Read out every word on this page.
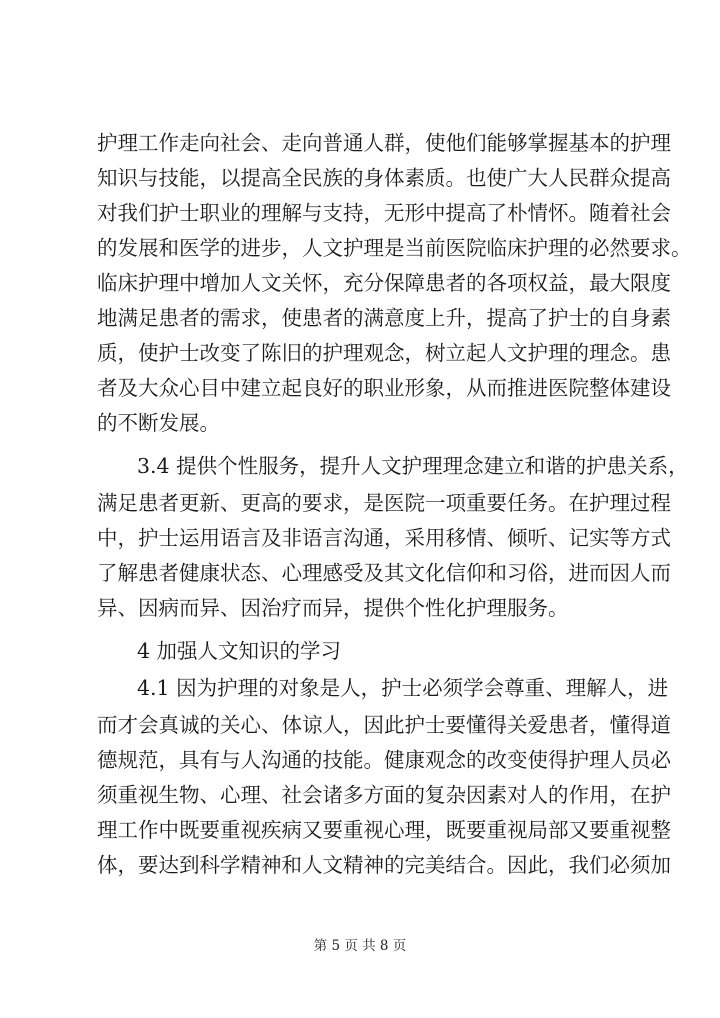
护理工作走向社会、走向普通人群，使他们能够掌握基本的护理
知识与技能，以提高全民族的身体素质。也使广大人民群众提高
对我们护士职业的理解与支持，无形中提高了朴情怀。随着社会
的发展和医学的进步，人文护理是当前医院临床护理的必然要求。
临床护理中增加人文关怀，充分保障患者的各项权益，最大限度
地满足患者的需求，使患者的满意度上升，提高了护士的自身素
质，使护士改变了陈旧的护理观念，树立起人文护理的理念。患
者及大众心目中建立起良好的职业形象，从而推进医院整体建设
的不断发展。
3.4 提供个性服务，提升人文护理理念建立和谐的护患关系，
满足患者更新、更高的要求，是医院一项重要任务。在护理过程
中，护士运用语言及非语言沟通，采用移情、倾听、记实等方式
了解患者健康状态、心理感受及其文化信仰和习俗，进而因人而
异、因病而异、因治疗而异，提供个性化护理服务。
4 加强人文知识的学习
4.1 因为护理的对象是人，护士必须学会尊重、理解人，进
而才会真诚的关心、体谅人，因此护士要懂得关爱患者，懂得道
德规范，具有与人沟通的技能。健康观念的改变使得护理人员必
须重视生物、心理、社会诸多方面的复杂因素对人的作用，在护
理工作中既要重视疾病又要重视心理，既要重视局部又要重视整
体，要达到科学精神和人文精神的完美结合。因此，我们必须加
第 5 页 共 8 页
